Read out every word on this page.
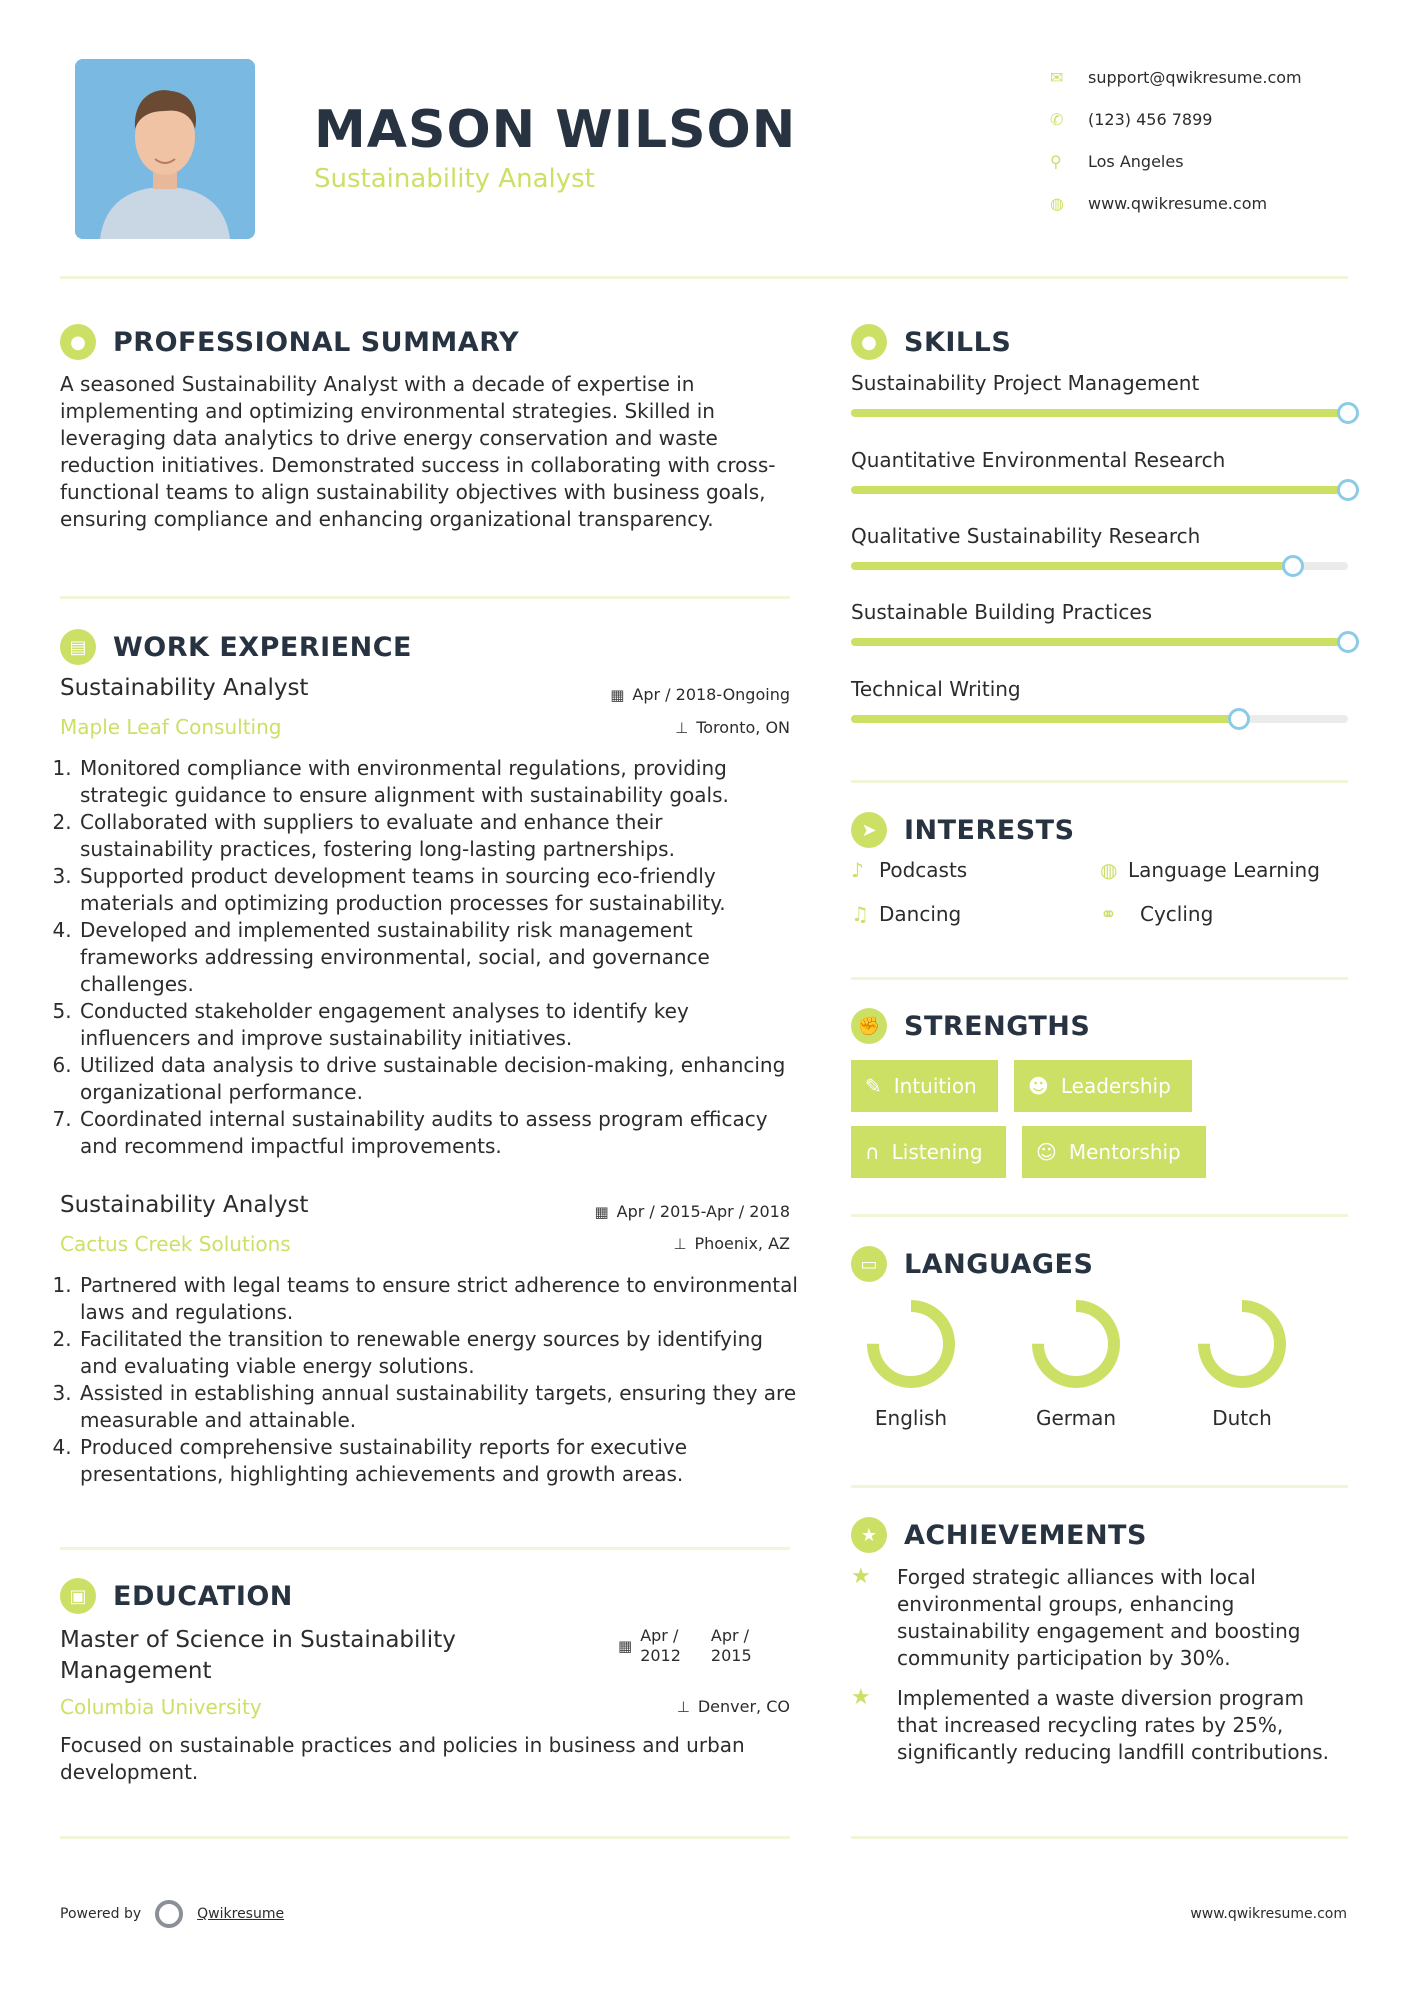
MASON WILSON
Sustainability Analyst
✉	support@qwikresume.com
✆	(123) 456 7899
⚲	Los Angeles
◍	www.qwikresume.com
●	PROFESSIONAL SUMMARY
A seasoned Sustainability Analyst with a decade of expertise in implementing and optimizing environmental strategies. Skilled in leveraging data analytics to drive energy conservation and waste reduction initiatives. Demonstrated success in collaborating with cross-functional teams to align sustainability objectives with business goals, ensuring compliance and enhancing organizational transparency.
▤ WORK EXPERIENCE
Sustainability Analyst
Maple Leaf Consulting
▦ Apr / 2018-Ongoing
⊥ Toronto, ON
1. Monitored compliance with environmental regulations, providing strategic guidance to ensure alignment with sustainability goals.
2. Collaborated with suppliers to evaluate and enhance their sustainability practices, fostering long-lasting partnerships.
3. Supported product development teams in sourcing eco-friendly materials and optimizing production processes for sustainability.
4. Developed and implemented sustainability risk management frameworks addressing environmental, social, and governance challenges.
5. Conducted stakeholder engagement analyses to identify key influencers and improve sustainability initiatives.
6. Utilized data analysis to drive sustainable decision-making, enhancing organizational performance.
7. Coordinated internal sustainability audits to assess program efficacy and recommend impactful improvements.
Sustainability Analyst
Cactus Creek Solutions
▦ Apr / 2015-Apr / 2018
⊥ Phoenix, AZ
1. Partnered with legal teams to ensure strict adherence to environmental laws and regulations.
2. Facilitated the transition to renewable energy sources by identifying and evaluating viable energy solutions.
3. Assisted in establishing annual sustainability targets, ensuring they are measurable and attainable.
4. Produced comprehensive sustainability reports for executive presentations, highlighting achievements and growth areas.
▣ EDUCATION
Master of Science in Sustainability
Management
▦
Apr /
2012
Apr /
2015
Columbia University	⊥ Denver, CO
Focused on sustainable practices and policies in business and urban development.
●	SKILLS
Sustainability Project Management
Quantitative Environmental Research
Qualitative Sustainability Research
Sustainable Building Practices
Technical Writing
➤	INTERESTS
♪ Podcasts	◍ Language Learning
♫ Dancing	⚭	Cycling
✊ STRENGTHS
✎ Intuition	☻ Leadership
∩ Listening	☺ Mentorship
▭ LANGUAGES
English	German	Dutch
★ ACHIEVEMENTS
★	Forged strategic alliances with local environmental groups, enhancing sustainability engagement and boosting community participation by 30%.
★	Implemented a waste diversion program that increased recycling rates by 25%, significantly reducing landfill contributions.
Powered by	Qwikresume	www.qwikresume.com
